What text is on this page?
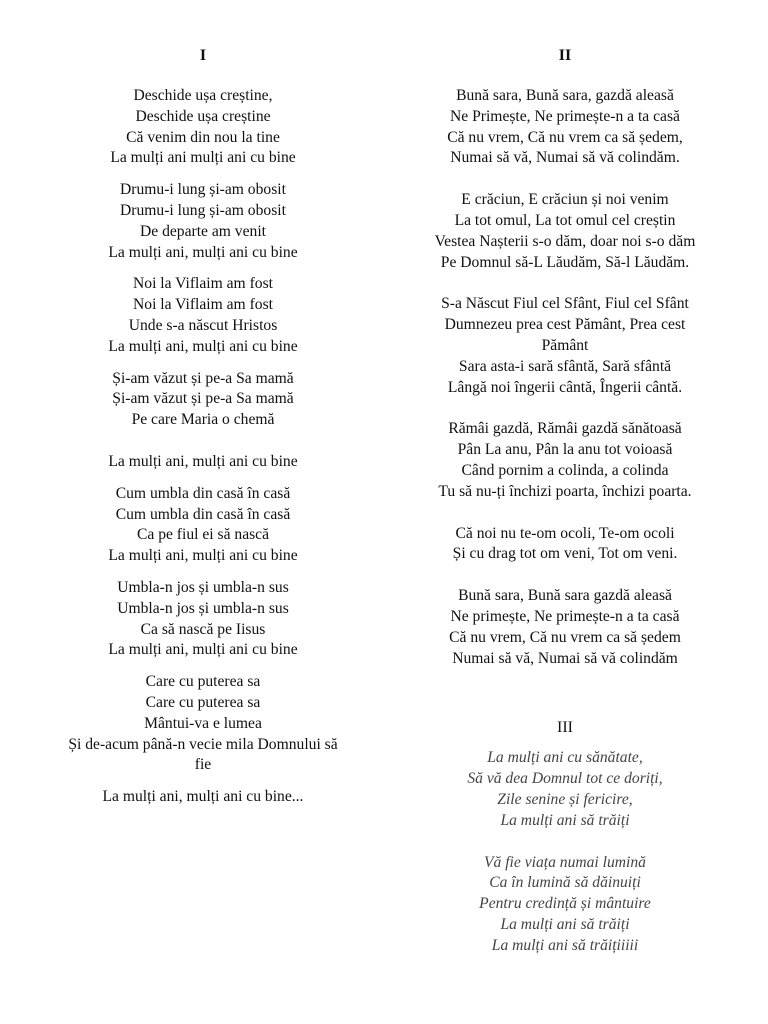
I

Deschide ușa creștine,
Deschide ușa creștine
Că venim din nou la tine
La mulți ani mulți ani cu bine

Drumu-i lung și-am obosit
Drumu-i lung și-am obosit
De departe am venit
La mulți ani, mulți ani cu bine

Noi la Viflaim am fost
Noi la Viflaim am fost
Unde s-a născut Hristos
La mulți ani, mulți ani cu bine

Și-am văzut și pe-a Sa mamă
Și-am văzut și pe-a Sa mamă
Pe care Maria o chemă

La mulți ani, mulți ani cu bine

Cum umbla din casă în casă
Cum umbla din casă în casă
Ca pe fiul ei să nască
La mulți ani, mulți ani cu bine

Umbla-n jos și umbla-n sus
Umbla-n jos și umbla-n sus
Ca să nască pe Iisus
La mulți ani, mulți ani cu bine

Care cu puterea sa
Care cu puterea sa
Mântui-va e lumea
Și de-acum până-n vecie mila Domnului să
fie

La mulți ani, mulți ani cu bine...

II

Bună sara, Bună sara, gazdă aleasă
Ne Primește, Ne primește-n a ta casă
Că nu vrem, Că nu vrem ca să ședem,
Numai să vă, Numai să vă colindăm.

E crăciun, E crăciun și noi venim
La tot omul, La tot omul cel creștin
Vestea Nașterii s-o dăm, doar noi s-o dăm
Pe Domnul să-L Lăudăm, Să-l Lăudăm.

S-a Născut Fiul cel Sfânt, Fiul cel Sfânt
Dumnezeu prea cest Pământ, Prea cest
Pământ
Sara asta-i sară sfântă, Sară sfântă
Lângă noi îngerii cântă, Îngerii cântă.

Rămâi gazdă, Rămâi gazdă sănătoasă
Pân La anu, Pân la anu tot voioasă
Când pornim a colinda, a colinda
Tu să nu-ți închizi poarta, închizi poarta.

Că noi nu te-om ocoli, Te-om ocoli
Și cu drag tot om veni, Tot om veni.

Bună sara, Bună sara gazdă aleasă
Ne primește, Ne primește-n a ta casă
Că nu vrem, Că nu vrem ca să ședem
Numai să vă, Numai să vă colindăm

III

La mulți ani cu sănătate,
Să vă dea Domnul tot ce doriți,
Zile senine și fericire,
La mulți ani să trăiți

Vă fie viața numai lumină
Ca în lumină să dăinuiți
Pentru credință și mântuire
La mulți ani să trăiți
La mulți ani să trăițiiiii
